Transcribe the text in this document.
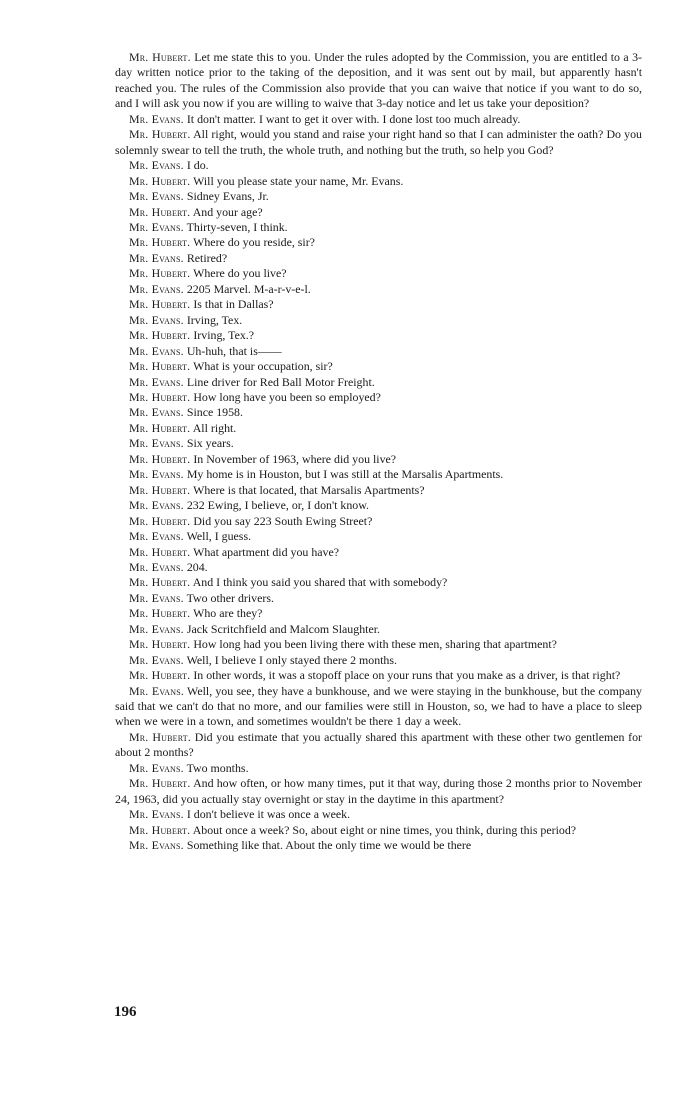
Mr. Hubert. Let me state this to you. Under the rules adopted by the Commission, you are entitled to a 3-day written notice prior to the taking of the deposition, and it was sent out by mail, but apparently hasn't reached you. The rules of the Commission also provide that you can waive that notice if you want to do so, and I will ask you now if you are willing to waive that 3-day notice and let us take your deposition?

Mr. Evans. It don't matter. I want to get it over with. I done lost too much already.

Mr. Hubert. All right, would you stand and raise your right hand so that I can administer the oath? Do you solemnly swear to tell the truth, the whole truth, and nothing but the truth, so help you God?

Mr. Evans. I do.

Mr. Hubert. Will you please state your name, Mr. Evans.

Mr. Evans. Sidney Evans, Jr.

Mr. Hubert. And your age?

Mr. Evans. Thirty-seven, I think.

Mr. Hubert. Where do you reside, sir?

Mr. Evans. Retired?

Mr. Hubert. Where do you live?

Mr. Evans. 2205 Marvel. M-a-r-v-e-l.

Mr. Hubert. Is that in Dallas?

Mr. Evans. Irving, Tex.

Mr. Hubert. Irving, Tex.?

Mr. Evans. Uh-huh, that is——

Mr. Hubert. What is your occupation, sir?

Mr. Evans. Line driver for Red Ball Motor Freight.

Mr. Hubert. How long have you been so employed?

Mr. Evans. Since 1958.

Mr. Hubert. All right.

Mr. Evans. Six years.

Mr. Hubert. In November of 1963, where did you live?

Mr. Evans. My home is in Houston, but I was still at the Marsalis Apartments.

Mr. Hubert. Where is that located, that Marsalis Apartments?

Mr. Evans. 232 Ewing, I believe, or, I don't know.

Mr. Hubert. Did you say 223 South Ewing Street?

Mr. Evans. Well, I guess.

Mr. Hubert. What apartment did you have?

Mr. Evans. 204.

Mr. Hubert. And I think you said you shared that with somebody?

Mr. Evans. Two other drivers.

Mr. Hubert. Who are they?

Mr. Evans. Jack Scritchfield and Malcom Slaughter.

Mr. Hubert. How long had you been living there with these men, sharing that apartment?

Mr. Evans. Well, I believe I only stayed there 2 months.

Mr. Hubert. In other words, it was a stopoff place on your runs that you make as a driver, is that right?

Mr. Evans. Well, you see, they have a bunkhouse, and we were staying in the bunkhouse, but the company said that we can't do that no more, and our families were still in Houston, so, we had to have a place to sleep when we were in a town, and sometimes wouldn't be there 1 day a week.

Mr. Hubert. Did you estimate that you actually shared this apartment with these other two gentlemen for about 2 months?

Mr. Evans. Two months.

Mr. Hubert. And how often, or how many times, put it that way, during those 2 months prior to November 24, 1963, did you actually stay overnight or stay in the daytime in this apartment?

Mr. Evans. I don't believe it was once a week.

Mr. Hubert. About once a week? So, about eight or nine times, you think, during this period?

Mr. Evans. Something like that. About the only time we would be there

196
